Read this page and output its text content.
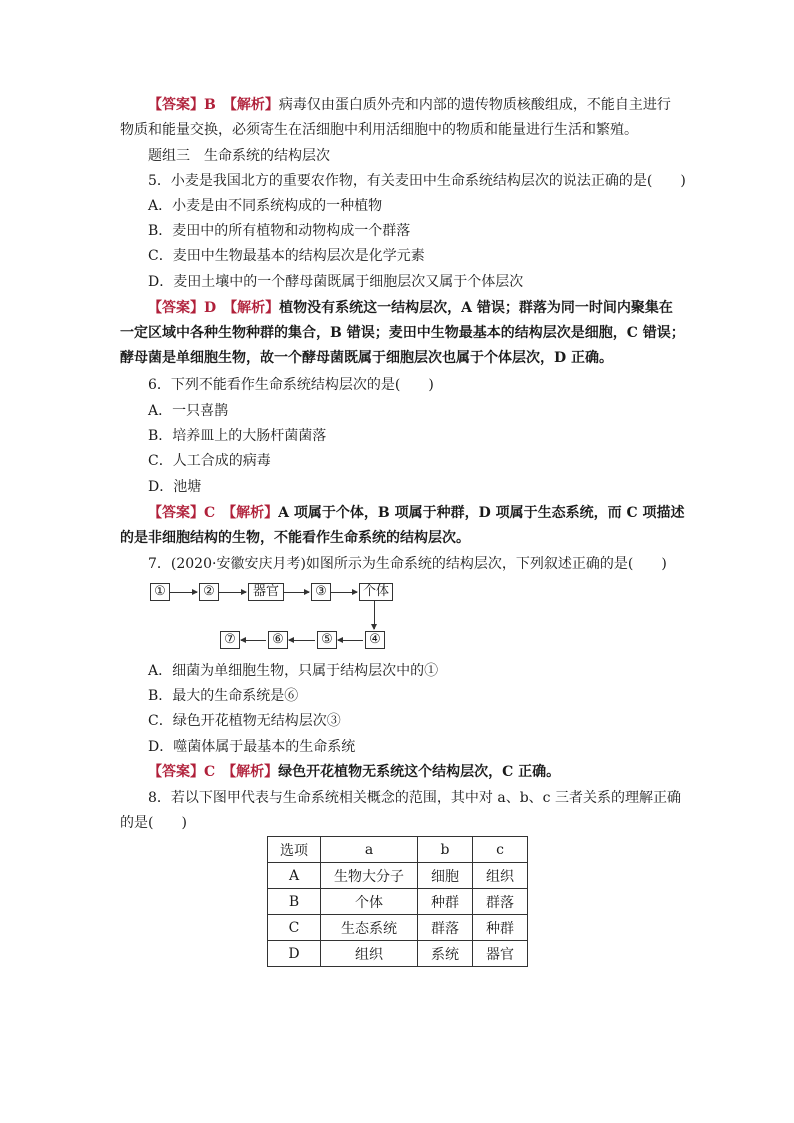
【答案】B　 【解析】病毒仅由蛋白质外壳和内部的遗传物质核酸组成，不能自主进行
物质和能量交换，必须寄生在活细胞中利用活细胞中的物质和能量进行生活和繁殖。
题组三　生命系统的结构层次
5．小麦是我国北方的重要农作物，有关麦田中生命系统结构层次的说法正确的是(　　)
A．小麦是由不同系统构成的一种植物
B．麦田中的所有植物和动物构成一个群落
C．麦田中生物最基本的结构层次是化学元素
D．麦田土壤中的一个酵母菌既属于细胞层次又属于个体层次
【答案】D　 【解析】植物没有系统这一结构层次，A 错误；群落为同一时间内聚集在
一定区域中各种生物种群的集合，B 错误；麦田中生物最基本的结构层次是细胞，C 错误；
酵母菌是单细胞生物，故一个酵母菌既属于细胞层次也属于个体层次，D 正确。
6．下列不能看作生命系统结构层次的是(　　)
A．一只喜鹊
B．培养皿上的大肠杆菌菌落
C．人工合成的病毒
D．池塘
【答案】C　 【解析】A 项属于个体，B 项属于种群，D 项属于生态系统，而 C 项描述
的是非细胞结构的生物，不能看作生命系统的结构层次。
7．(2020·安徽安庆月考)如图所示为生命系统的结构层次，下列叙述正确的是(　　)
①	②	器官	③	个体
④
⑤
⑥
⑦
A．细菌为单细胞生物，只属于结构层次中的①
B．最大的生命系统是⑥
C．绿色开花植物无结构层次③
D．噬菌体属于最基本的生命系统
【答案】C　 【解析】绿色开花植物无系统这个结构层次，C 正确。
8．若以下图甲代表与生命系统相关概念的范围，其中对 a、b、c 三者关系的理解正确
的是(　　)
选项	a	b	c
A	生物大分子	细胞	组织
B	个体	种群	群落
C	生态系统	群落	种群
D	组织	系统	器官
